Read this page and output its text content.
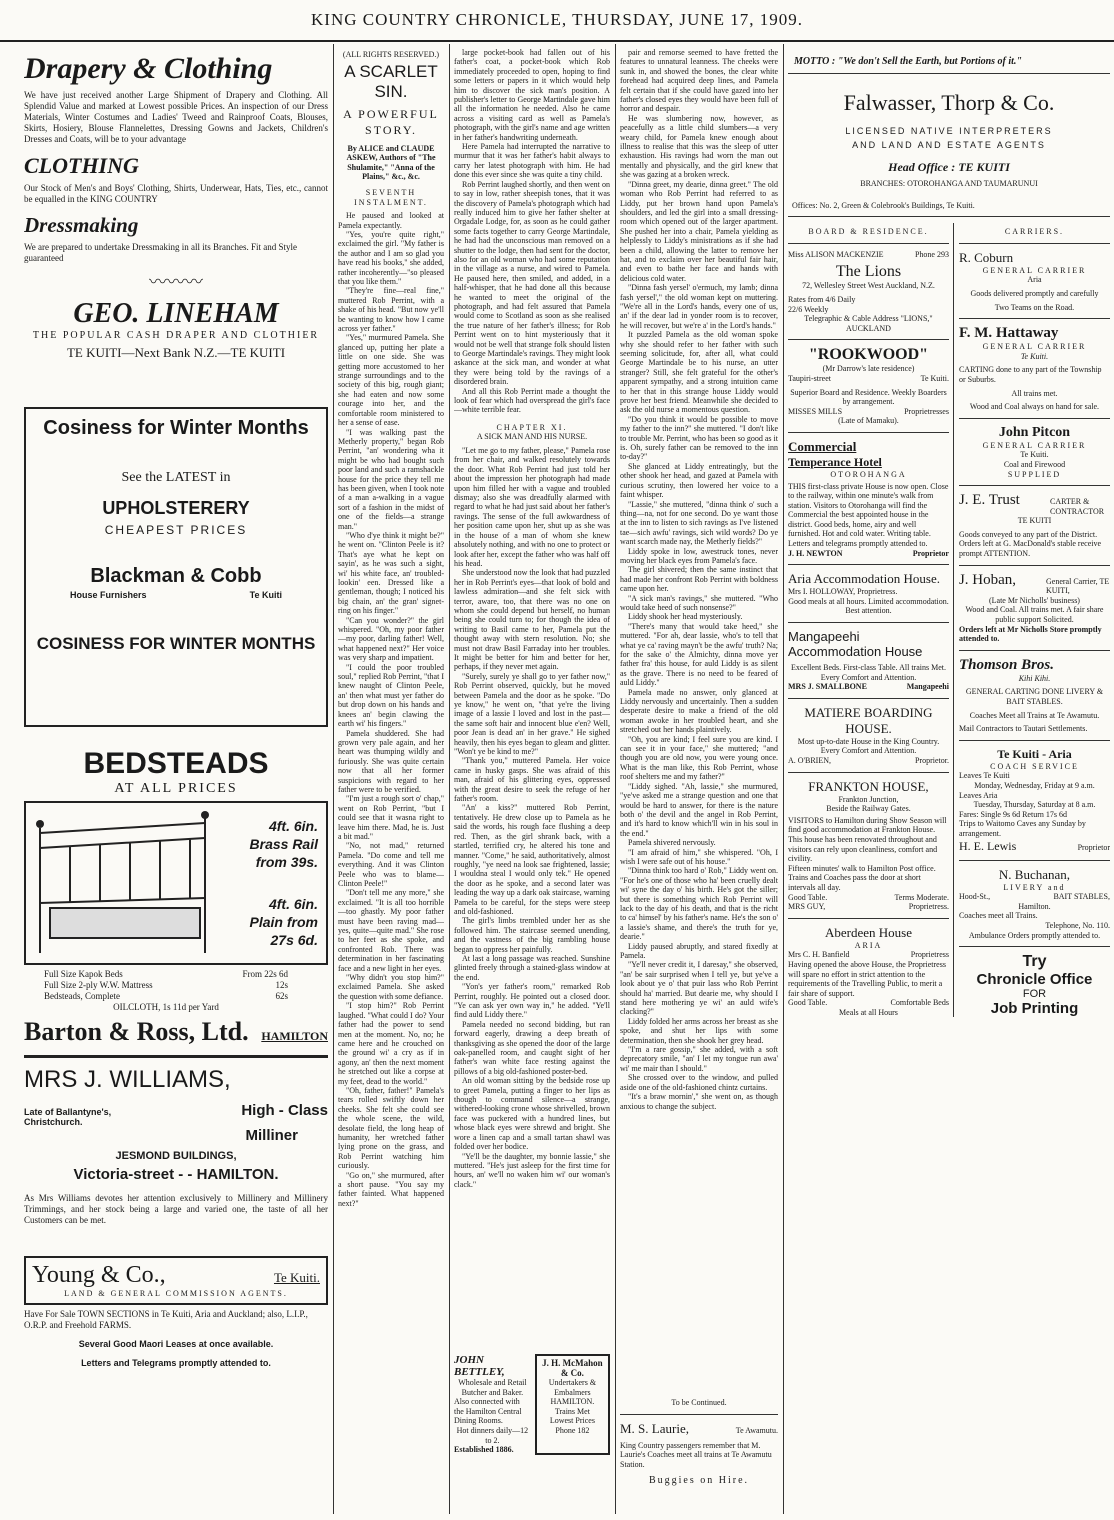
KING COUNTRY CHRONICLE, THURSDAY, JUNE 17, 1909.
Drapery & Clothing
We have just received another Large Shipment of Drapery and Clothing. All Splendid Value and marked at Lowest possible Prices. An inspection of our Dress Materials, Winter Costumes and Ladies' Tweed and Rainproof Coats, Blouses, Skirts, Hosiery, Blouse Flannelettes, Dressing Gowns and Jackets, Children's Dresses and Coats, will be to your advantage
CLOTHING
Our Stock of Men's and Boys' Clothing, Shirts, Underwear, Hats, Ties, etc., cannot be equalled in the KING COUNTRY
Dressmaking
We are prepared to undertake Dressmaking in all its Branches. Fit and Style guaranteed
〰〰〰
GEO. LINEHAM
THE POPULAR CASH DRAPER AND CLOTHIER
TE KUITI—Next Bank N.Z.—TE KUITI
Cosiness for Winter Months
See the LATEST in
UPHOLSTERERY
CHEAPEST PRICES
Blackman & Cobb
House Furnishers	Te Kuiti
COSINESS FOR WINTER MONTHS
BEDSTEADS
AT ALL PRICES
4ft. 6in.
Brass Rail
from 39s.
4ft. 6in.
Plain from
27s 6d.
Full Size Kapok Beds	From 22s 6d
Full Size 2-ply W.W. Mattress	12s
Bedsteads, Complete	62s
OILCLOTH, 1s 11d per Yard
Barton & Ross, Ltd. HAMILTON
MRS J. WILLIAMS,
Late of Ballantyne's, Christchurch.
High - Class
Milliner
JESMOND BUILDINGS,
Victoria-street - - HAMILTON.
As Mrs Williams devotes her attention exclusively to Millinery and Millinery Trimmings, and her stock being a large and varied one, the taste of all her Customers can be met.
Young & Co.,	Te Kuiti.
LAND & GENERAL COMMISSION AGENTS.
Have For Sale TOWN SECTIONS in Te Kuiti, Aria and Auckland; also, L.I.P., O.R.P. and Freehold FARMS.
Several Good Maori Leases at once available.
Letters and Telegrams promptly attended to.
(ALL RIGHTS RESERVED.)
A SCARLET SIN.
A POWERFUL STORY.
By ALICE and CLAUDE ASKEW, Authors of "The Shulamite," "Anna of the Plains," &c., &c.
SEVENTH INSTALMENT.

He paused and looked at Pamela expectantly.

"Yes, you're quite right," exclaimed the girl. "My father is the author and I am so glad you have read his books," she added, rather incoherently—"so pleased that you like them."

"They're fine—real fine," muttered Rob Perrint, with a shake of his head. "But now ye'll be wanting to know how I came across yer father."

"Yes," murmured Pamela. She glanced up, putting her plate a little on one side. She was getting more accustomed to her strange surroundings and to the society of this big, rough giant; she had eaten and now some courage into her, and the comfortable room ministered to her a sense of ease.

"I was walking past the Metherly property," began Rob Perrint, "an' wondering wha it might be who had bought such poor land and such a ramshackle house for the price they tell me has been given, when I took note of a man a-walking in a vague sort of a fashion in the midst of one of the fields—a strange man."

"Who d'ye think it might be?" he went on. "Clinton Peele is it? That's aye what he kept on sayin', as he was such a sight, wi' his white face, an' troubled-lookin' een. Dressed like a gentleman, though; I noticed his big chain, an' the gran' signet-ring on his finger."

"Can you wonder?" the girl whispered. "Oh, my poor father—my poor, darling father! Well, what happened next?" Her voice was very sharp and impatient.

"I could the poor troubled soul," replied Rob Perrint, "that I knew naught of Clinton Peele, an' then what must yer father do but drop down on his hands and knees an' begin clawing the earth wi' his fingers."

Pamela shuddered. She had grown very pale again, and her heart was thumping wildly and furiously. She was quite certain now that all her former suspicions with regard to her father were to be verified.

"I'm just a rough sort o' chap," went on Rob Perrint, "but I could see that it wasna right to leave him there. Mad, he is. Just a bit mad."

"No, not mad," returned Pamela. "Do come and tell me everything. And it was Clinton Peele who was to blame—Clinton Peele!"

"Don't tell me any more," she exclaimed. "It is all too horrible—too ghastly. My poor father must have been raving mad—yes, quite—quite mad." She rose to her feet as she spoke, and confronted Rob. There was determination in her fascinating face and a new light in her eyes.

"Why didn't you stop him?" exclaimed Pamela. She asked the question with some defiance.

"I stop him?" Rob Perrint laughed. "What could I do? Your father had the power to send men at the moment. No, no; he came here and he crouched on the ground wi' a cry as if in agony, an' then the next moment he stretched out like a corpse at my feet, dead to the world."

"Oh, father, father!" Pamela's tears rolled swiftly down her cheeks. She felt she could see the whole scene, the wild, desolate field, the long heap of humanity, her wretched father lying prone on the grass, and Rob Perrint watching him curiously.

"Go on," she murmured, after a short pause. "You say my father fainted. What happened next?"

large pocket-book had fallen out of his father's coat, a pocket-book which Rob immediately proceeded to open, hoping to find some letters or papers in it which would help him to discover the sick man's position. A publisher's letter to George Martindale gave him all the information he needed. Also he came across a visiting card as well as Pamela's photograph, with the girl's name and age written in her father's handwriting underneath.

Here Pamela had interrupted the narrative to murmur that it was her father's habit always to carry her latest photograph with him. He had done this ever since she was quite a tiny child.

Rob Perrint laughed shortly, and then went on to say in low, rather sheepish tones, that it was the discovery of Pamela's photograph which had really induced him to give her father shelter at Orgadale Lodge, for, as soon as he could gather some facts together to carry George Martindale, he had had the unconscious man removed on a shutter to the lodge, then had sent for the doctor, also for an old woman who had some reputation in the village as a nurse, and wired to Pamela. He paused here, then smiled, and added, in a half-whisper, that he had done all this because he wanted to meet the original of the photograph, and had felt assured that Pamela would come to Scotland as soon as she realised the true nature of her father's illness; for Rob Perrint went on to hint mysteriously that it would not be well that strange folk should listen to George Martindale's ravings. They might look askance at the sick man, and wonder at what they were being told by the ravings of a disordered brain.

And all this Rob Perrint made a thought the look of fear which had overspread the girl's face—white terrible fear.

CHAPTER XI.
A SICK MAN AND HIS NURSE.

"Let me go to my father, please," Pamela rose from her chair, and walked resolutely towards the door. What Rob Perrint had just told her about the impression her photograph had made upon him filled her with a vague and troubled dismay; also she was dreadfully alarmed with regard to what he had just said about her father's ravings. The sense of the full awkwardness of her position came upon her, shut up as she was in the house of a man of whom she knew absolutely nothing, and with no one to protect or look after her, except the father who was half off his head.

She understood now the look that had puzzled her in Rob Perrint's eyes—that look of bold and lawless admiration—and she felt sick with terror, aware, too, that there was no one on whom she could depend but herself, no human being she could turn to; for though the idea of writing to Basil came to her, Pamela put the thought away with stern resolution. No; she must not draw Basil Farraday into her troubles. It might be better for him and better for her, perhaps, if they never met again.

"Surely, surely ye shall go to yer father now," Rob Perrint observed, quickly, but he moved between Pamela and the door as he spoke. "Do ye know," he went on, "that ye're the living image of a lassie I loved and lost in the past—the same soft hair and innocent blue e'en? Well, poor Jean is dead an' in her grave." He sighed heavily, then his eyes began to gleam and glitter. "Won't ye be kind to me?"

"Thank you," muttered Pamela. Her voice came in husky gasps. She was afraid of this man, afraid of his glittering eyes, oppressed with the great desire to seek the refuge of her father's room.

"An' a kiss?" muttered Rob Perrint, tentatively. He drew close up to Pamela as he said the words, his rough face flushing a deep red. Then, as the girl shrank back, with a startled, terrified cry, he altered his tone and manner. "Come," he said, authoritatively, almost roughly, "ye need na look sae frightened, lassie; I wouldna steal I would only tek." He opened the door as he spoke, and a second later was leading the way up a dark oak staircase, warning Pamela to be careful, for the steps were steep and old-fashioned.

The girl's limbs trembled under her as she followed him. The staircase seemed unending, and the vastness of the big rambling house began to oppress her painfully.

At last a long passage was reached. Sunshine glinted freely through a stained-glass window at the end.

"Yon's yer father's room," remarked Rob Perrint, roughly. He pointed out a closed door. "Ye can ask yer own way in," he added. "Ye'll find auld Liddy there."

Pamela needed no second bidding, but ran forward eagerly, drawing a deep breath of thanksgiving as she opened the door of the large oak-panelled room, and caught sight of her father's wan white face resting against the pillows of a big old-fashioned poster-bed.

An old woman sitting by the bedside rose up to greet Pamela, putting a finger to her lips as though to command silence—a strange, withered-looking crone whose shrivelled, brown face was puckered with a hundred lines, but whose black eyes were shrewd and bright. She wore a linen cap and a small tartan shawl was folded over her bodice.

"Ye'll be the daughter, my bonnie lassie," she muttered. "He's just asleep for the first time for hours, an' we'll no waken him wi' our woman's clack."

JOHN BETTLEY,
Wholesale and Retail Butcher and Baker.
Also connected with the Hamilton Central Dining Rooms.
Hot dinners daily—12 to 2.
Established 1886.
J. H. McMahon & Co.
Undertakers & Embalmers
HAMILTON.
Trains Met
Lowest Prices
Phone 182

pair and remorse seemed to have fretted the features to unnatural leanness. The cheeks were sunk in, and showed the bones, the clear white forehead had acquired deep lines, and Pamela felt certain that if she could have gazed into her father's closed eyes they would have been full of horror and despair.

He was slumbering now, however, as peacefully as a little child slumbers—a very weary child, for Pamela knew enough about illness to realise that this was the sleep of utter exhaustion. His ravings had worn the man out mentally and physically, and the girl knew that she was gazing at a broken wreck.

"Dinna greet, my dearie, dinna greet." The old woman who Rob Perrint had referred to as Liddy, put her brown hand upon Pamela's shoulders, and led the girl into a small dressing-room which opened out of the larger apartment. She pushed her into a chair, Pamela yielding as helplessly to Liddy's ministrations as if she had been a child, allowing the latter to remove her hat, and to exclaim over her beautiful fair hair, and even to bathe her face and hands with delicious cold water.

"Dinna fash yersel' o'ermuch, my lamb; dinna fash yersel'," the old woman kept on muttering. "We're all in the Lord's hands, every one of us, an' if the dear lad in yonder room is to recover, he will recover, but we're a' in the Lord's hands."

It puzzled Pamela as the old woman spoke why she should refer to her father with such seeming solicitude, for, after all, what could George Martindale be to his nurse, an utter stranger? Still, she felt grateful for the other's apparent sympathy, and a strong intuition came to her that in this strange house Liddy would prove her best friend. Meanwhile she decided to ask the old nurse a momentous question.

"Do you think it would be possible to move my father to the inn?" she muttered. "I don't like to trouble Mr. Perrint, who has been so good as it is. Oh, surely father can be removed to the inn to-day?"

She glanced at Liddy entreatingly, but the other shook her head, and gazed at Pamela with curious scrutiny, then lowered her voice to a faint whisper.

"Lassie," she muttered, "dinna think o' such a thing—na, not for one second. Do ye want those at the inn to listen to sich ravings as I've listened tae—sich awfu' ravings, sich wild words? Do ye want scarch made nay, the Metherly fields?"

Liddy spoke in low, awestruck tones, never moving her black eyes from Pamela's face.

The girl shivered; then the same instinct that had made her confront Rob Perrint with boldness came upon her.

"A sick man's ravings," she muttered. "Who would take heed of such nonsense?"

Liddy shook her head mysteriously.

"There's many that would take heed," she muttered. "For ah, dear lassie, who's to tell that what ye ca' raving mayn't be the awfu' truth? Na; for the sake o' the Almichty, dinna move yer father fra' this house, for auld Liddy is as silent as the grave. There is no need to be feared of auld Liddy."

Pamela made no answer, only glanced at Liddy nervously and uncertainly. Then a sudden desperate desire to make a friend of the old woman awoke in her troubled heart, and she stretched out her hands plaintively.

"Oh, you are kind; I feel sure you are kind. I can see it in your face," she muttered; "and though you are old now, you were young once. What is the man like, this Rob Perrint, whose roof shelters me and my father?"

"Liddy sighed. "Ah, lassie," she murmured, "ye've asked me a strange question and one that would be hard to answer, for there is the nature both o' the devil and the angel in Rob Perrint, and it's hard to know which'll win in his soul in the end."

Pamela shivered nervously.

"I am afraid of him," she whispered. "Oh, I wish I were safe out of his house."

"Dinna think too hard o' Rob," Liddy went on. "For he's one of those who ha' been cruelly dealt wi' syne the day o' his birth. He's got the siller; but there is something which Rob Perrint will lack to the day of his death, and that is the richt to ca' himsel' by his father's name. He's the son o' a lassie's shame, and there's the truth for ye, dearie."

Liddy paused abruptly, and stared fixedly at Pamela.

"Ye'll never credit it, I daresay," she observed, "an' be sair surprised when I tell ye, but ye've a look about ye o' that puir lass who Rob Perrint should ha' married. But dearie me, why should I stand here mothering ye wi' an auld wife's clacking?"

Liddy folded her arms across her breast as she spoke, and shut her lips with some determination, then she shook her grey head.

"I'm a rare gossip," she added, with a soft deprecatory smile, "an' I let my tongue run awa' wi' me mair than I should."

She crossed over to the window, and pulled aside one of the old-fashioned chintz curtains.

"It's a braw mornin'," she went on, as though anxious to change the subject.

To be Continued.
M. S. Laurie,	Te Awamutu.
King Country passengers remember that M. Laurie's Coaches meet all trains at Te Awamutu Station.
Buggies on Hire.
MOTTO : "We don't Sell the Earth, but Portions of it."
Falwasser, Thorp & Co.
LICENSED NATIVE INTERPRETERS
AND LAND AND ESTATE AGENTS
Head Office : TE KUITI
BRANCHES: OTOROHANGA AND TAUMARUNUI
Offices: No. 2, Green & Colebrook's Buildings, Te Kuiti.
BOARD & RESIDENCE.
Miss ALISON MACKENZIE	Phone 293
The Lions
72, Wellesley Street West Auckland, N.Z.
Rates from 4/6 Daily
22/6 Weekly
Telegraphic & Cable Address "LIONS," AUCKLAND
"ROOKWOOD"
(Mr Darrow's late residence)
Taupiri-street	Te Kuiti.
Superior Board and Residence. Weekly Boarders by arrangement.
MISSES MILLS	Proprietresses
(Late of Mamaku).
Commercial
Temperance Hotel
OTOROHANGA
THIS first-class private House is now open. Close to the railway, within one minute's walk from station. Visitors to Otorohanga will find the Commercial the best appointed house in the district. Good beds, home, airy and well furnished. Hot and cold water. Writing table. Letters and telegrams promptly attended to.
J. H. NEWTON	Proprietor
Aria Accommodation House.
Mrs I. HOLLOWAY, Proprietress.
Good meals at all hours. Limited accommodation. Best attention.
Mangapeehi Accommodation House
Excellent Beds. First-class Table. All trains Met. Every Comfort and Attention.
MRS J. SMALLBONE	Mangapeehi
MATIERE BOARDING HOUSE.
Most up-to-date House in the King Country. Every Comfort and Attention.
A. O'BRIEN,	Proprietor.
FRANKTON HOUSE,
Frankton Junction,
Beside the Railway Gates.
VISITORS to Hamilton during Show Season will find good accommodation at Frankton House. This house has been renovated throughout and visitors can rely upon cleanliness, comfort and civility.
Fifteen minutes' walk to Hamilton Post office.
Trains and Coaches pass the door at short intervals all day.
Good Table.	Terms Moderate.
MRS GUY,	Proprietress.
Aberdeen House
ARIA
Mrs C. H. Banfield	Proprietress
Having opened the above House, the Proprietress will spare no effort in strict attention to the requirements of the Travelling Public, to merit a fair share of support.
Good Table.	Comfortable Beds
Meals at all Hours
CARRIERS.
R. Coburn
GENERAL CARRIER
Aria
Goods delivered promptly and carefully
Two Teams on the Road.
F. M. Hattaway
GENERAL CARRIER
Te Kuiti.
CARTING done to any part of the Township or Suburbs.
All trains met.
Wood and Coal always on hand for sale.
John Pitcon
GENERAL CARRIER
Te Kuiti.
Coal and Firewood
SUPPLIED
J. E. Trust	CARTER & CONTRACTOR
TE KUITI
Goods conveyed to any part of the District. Orders left at G. MacDonald's stable receive prompt ATTENTION.
J. Hoban,	General Carrier, TE KUITI,
(Late Mr Nicholls' business)
Wood and Coal. All trains met. A fair share public support Solicited.
Orders left at Mr Nicholls Store promptly attended to.
Thomson Bros.
Kihi Kihi.
GENERAL CARTING DONE LIVERY & BAIT STABLES.
Coaches Meet all Trains at Te Awamutu.
Mail Contractors to Tautari Settlements.
Te Kuiti - Aria
COACH SERVICE
Leaves Te Kuiti
Monday, Wednesday, Friday at 9 a.m.
Leaves Aria
Tuesday, Thursday, Saturday at 8 a.m.
Fares: Single 9s 6d Return 17s 6d
Trips to Waitomo Caves any Sunday by arrangement.
H. E. Lewis	Proprietor
N. Buchanan,
LIVERY and
Hood-St.,	BAIT STABLES,
Hamilton.
Coaches meet all Trains.
Telephone, No. 110.
Ambulance Orders promptly attended to.
Try
Chronicle Office
FOR
Job Printing
